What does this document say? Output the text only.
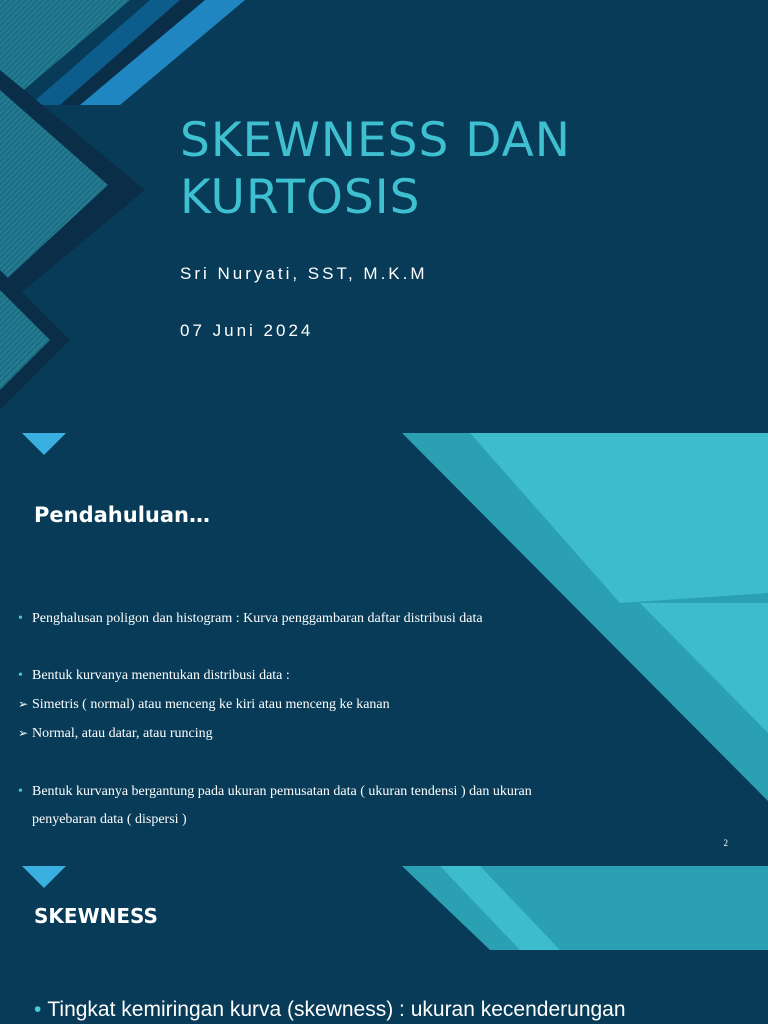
SKEWNESS DAN
KURTOSIS
Sri Nuryati, SST, M.K.M
07 Juni 2024
Pendahuluan…
• Penghalusan poligon dan histogram : Kurva penggambaran daftar distribusi data
• Bentuk kurvanya menentukan distribusi data :
➢ Simetris ( normal) atau menceng ke kiri atau menceng ke kanan
➢ Normal, atau datar, atau runcing
• Bentuk kurvanya bergantung pada ukuran pemusatan data ( ukuran tendensi ) dan ukuran
penyebaran data ( dispersi )
2
SKEWNESS
• Tingkat kemiringan kurva (skewness) : ukuran kecenderungan
